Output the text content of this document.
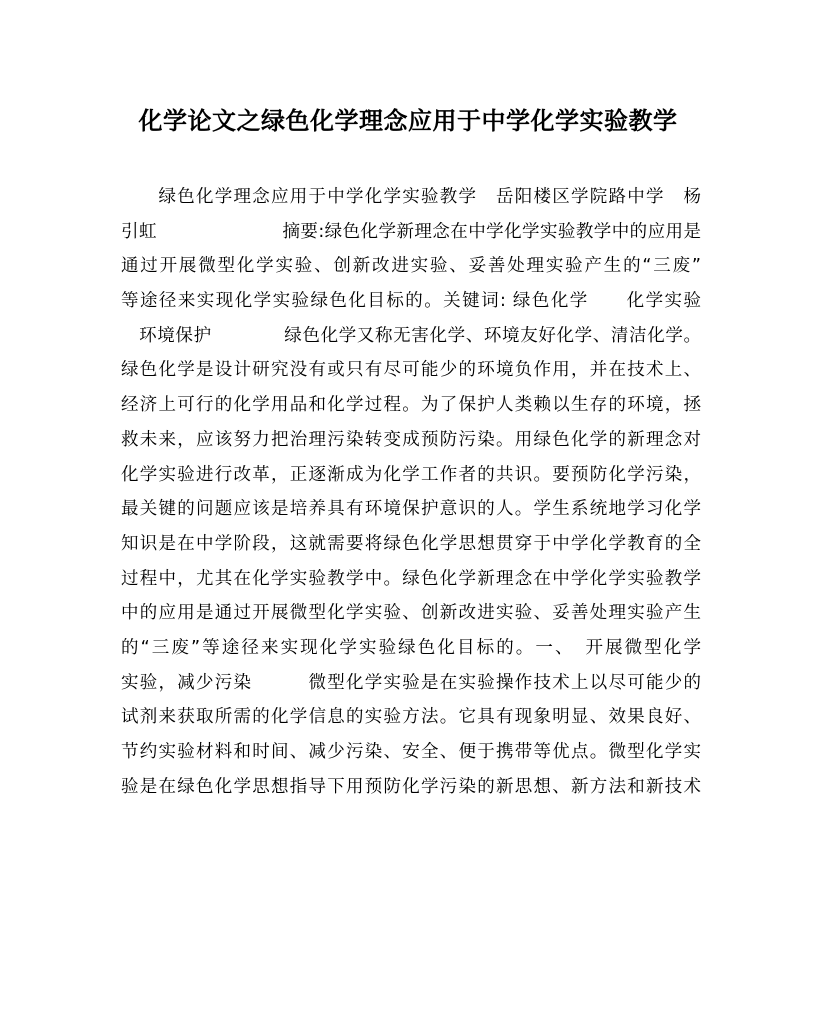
化学论文之绿色化学理念应用于中学化学实验教学
　　绿色化学理念应用于中学化学实验教学　岳阳楼区学院路中学　杨
引虹　　　　　　　摘要:绿色化学新理念在中学化学实验教学中的应用是
通过开展微型化学实验、创新改进实验、妥善处理实验产生的“三废”
等途径来实现化学实验绿色化目标的。关键词: 绿色化学　　化学实验
　环境保护　　　　绿色化学又称无害化学、环境友好化学、清洁化学。
绿色化学是设计研究没有或只有尽可能少的环境负作用，并在技术上、
经济上可行的化学用品和化学过程。为了保护人类赖以生存的环境，拯
救未来，应该努力把治理污染转变成预防污染。用绿色化学的新理念对
化学实验进行改革，正逐渐成为化学工作者的共识。要预防化学污染，
最关键的问题应该是培养具有环境保护意识的人。学生系统地学习化学
知识是在中学阶段，这就需要将绿色化学思想贯穿于中学化学教育的全
过程中，尤其在化学实验教学中。绿色化学新理念在中学化学实验教学
中的应用是通过开展微型化学实验、创新改进实验、妥善处理实验产生
的“三废”等途径来实现化学实验绿色化目标的。一、　开展微型化学
实验，减少污染　　　微型化学实验是在实验操作技术上以尽可能少的
试剂来获取所需的化学信息的实验方法。它具有现象明显、效果良好、
节约实验材料和时间、减少污染、安全、便于携带等优点。微型化学实
验是在绿色化学思想指导下用预防化学污染的新思想、新方法和新技术
